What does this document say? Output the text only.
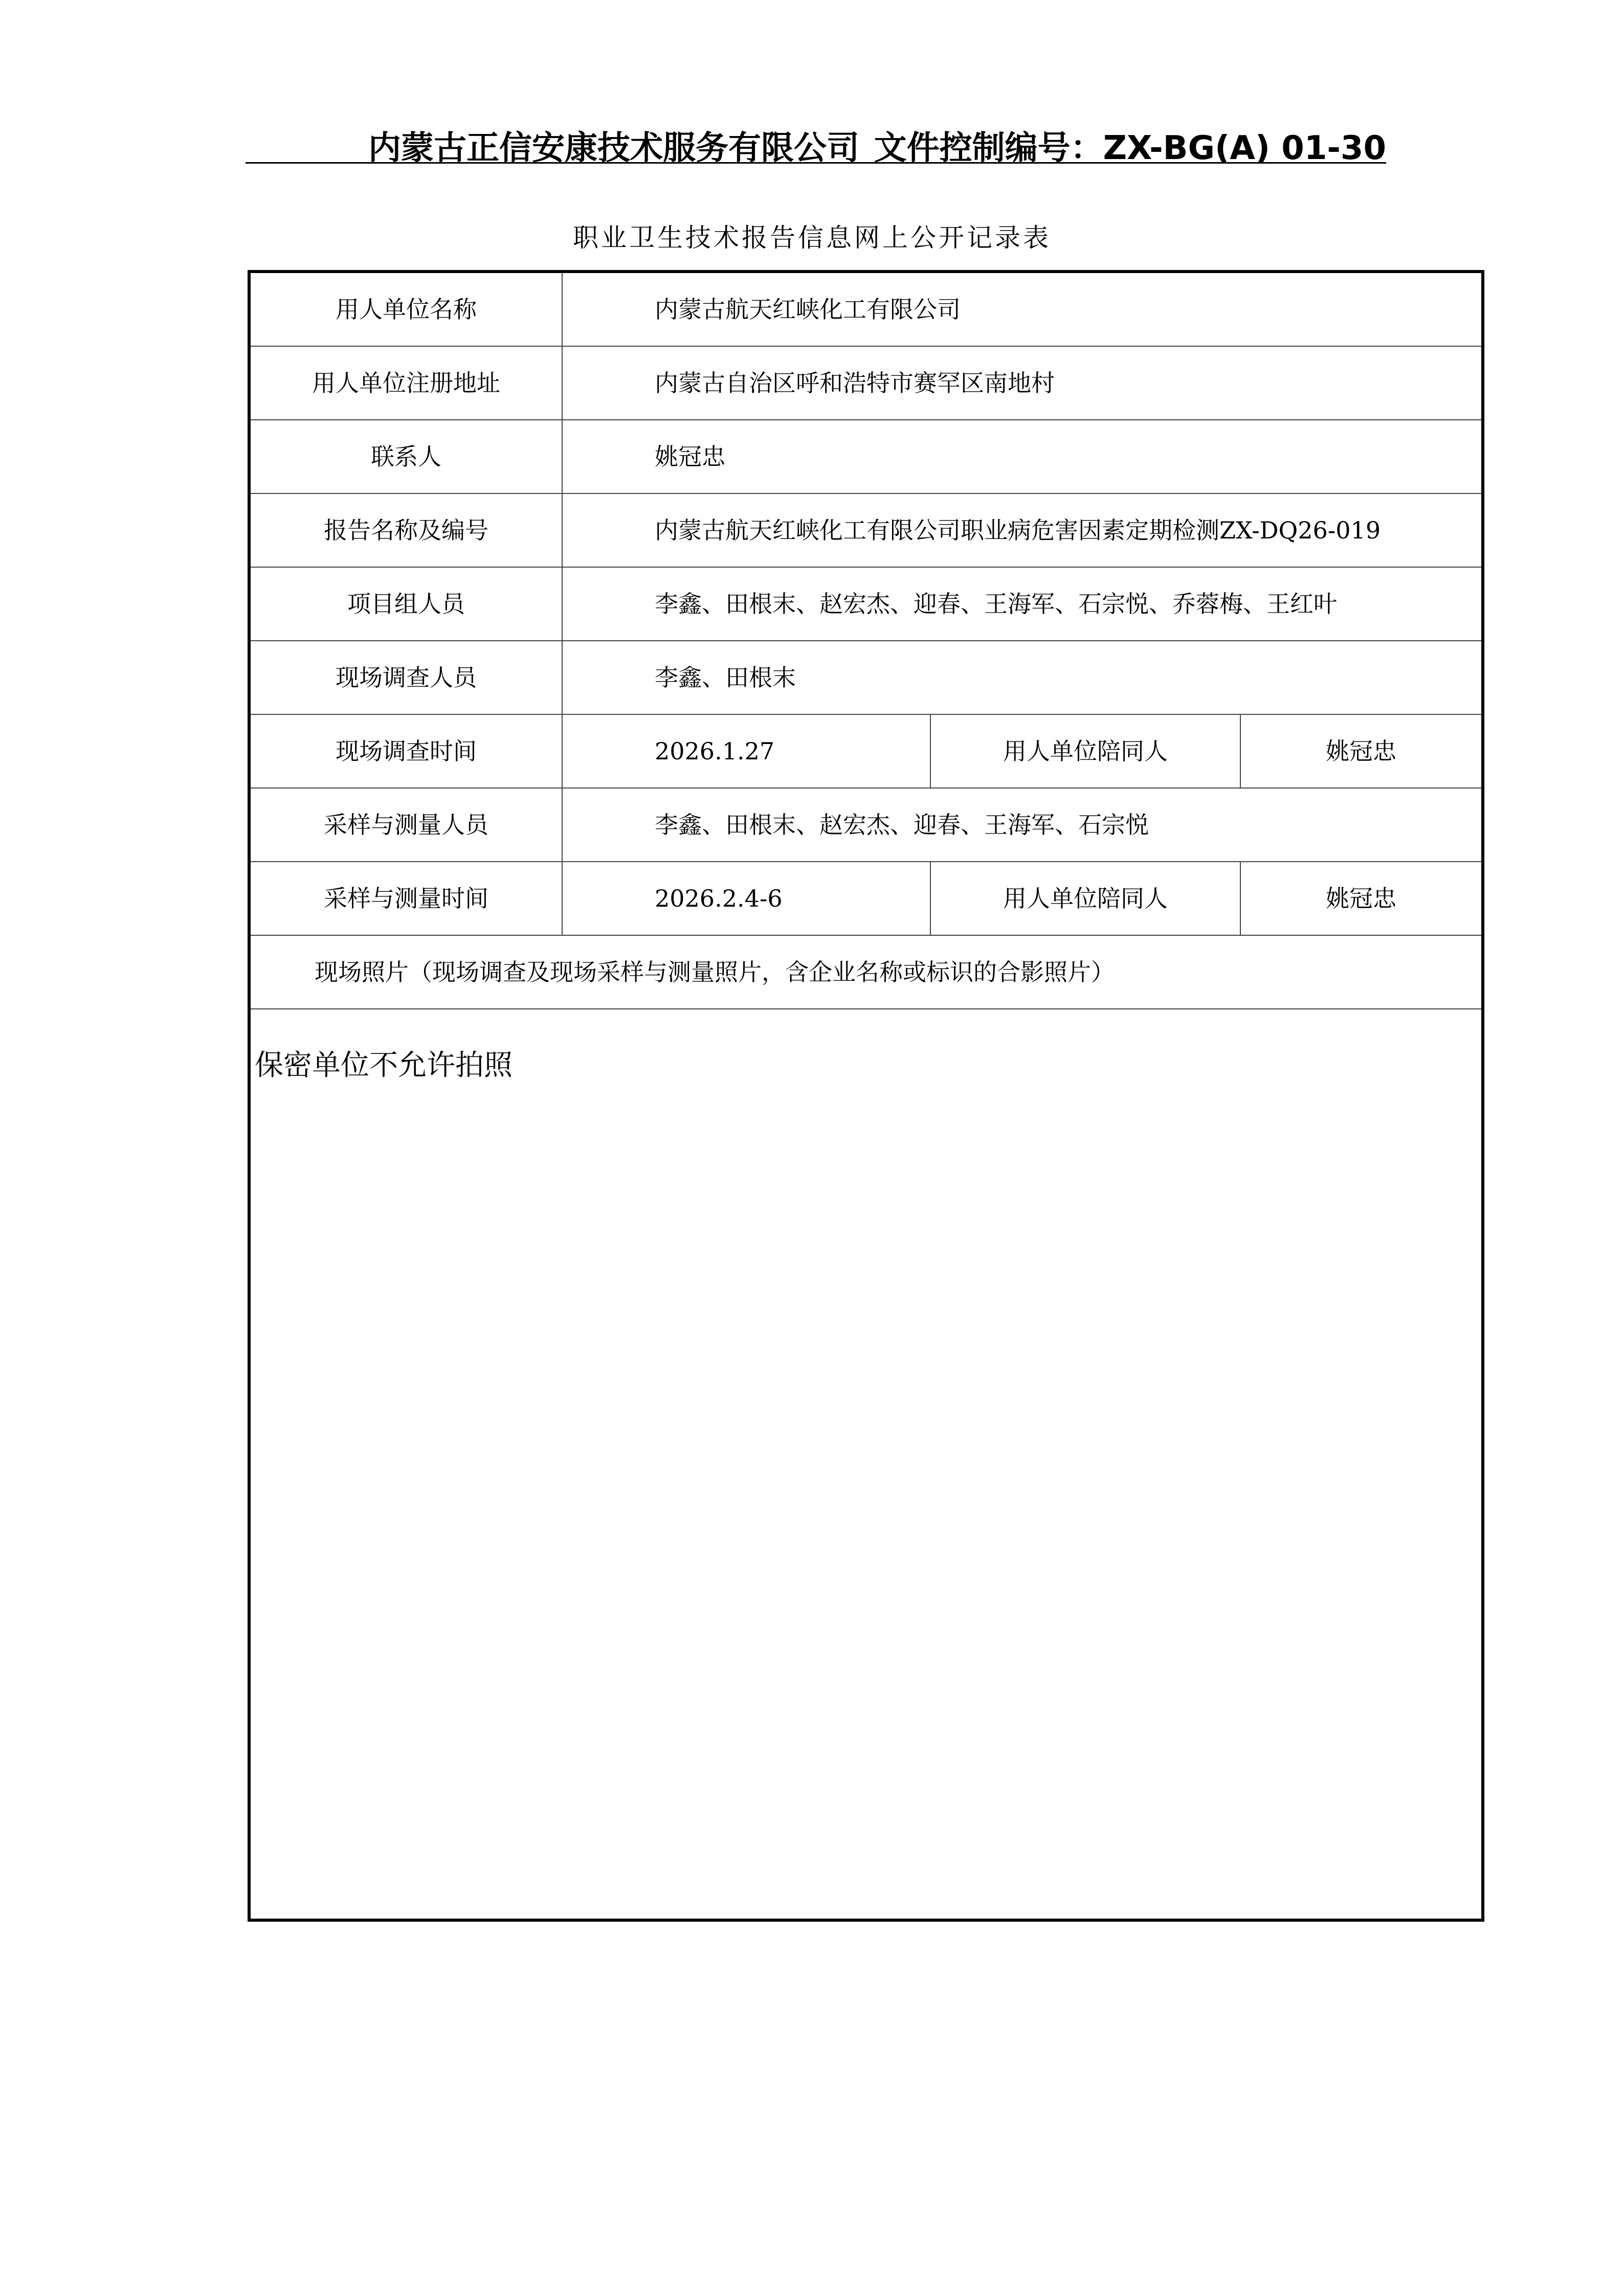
内蒙古正信安康技术服务有限公司 文件控制编号：ZX-BG(A) 01-30
职业卫生技术报告信息网上公开记录表
用人单位名称	内蒙古航天红峡化工有限公司
用人单位注册地址	内蒙古自治区呼和浩特市赛罕区南地村
联系人	姚冠忠
报告名称及编号	内蒙古航天红峡化工有限公司职业病危害因素定期检测ZX-DQ26-019
项目组人员	李鑫、田根末、赵宏杰、迎春、王海军、石宗悦、乔蓉梅、王红叶
现场调查人员	李鑫、田根末
现场调查时间	2026.1.27	用人单位陪同人	姚冠忠
采样与测量人员	李鑫、田根末、赵宏杰、迎春、王海军、石宗悦
采样与测量时间	2026.2.4-6	用人单位陪同人	姚冠忠
现场照片（现场调查及现场采样与测量照片，含企业名称或标识的合影照片）
保密单位不允许拍照
